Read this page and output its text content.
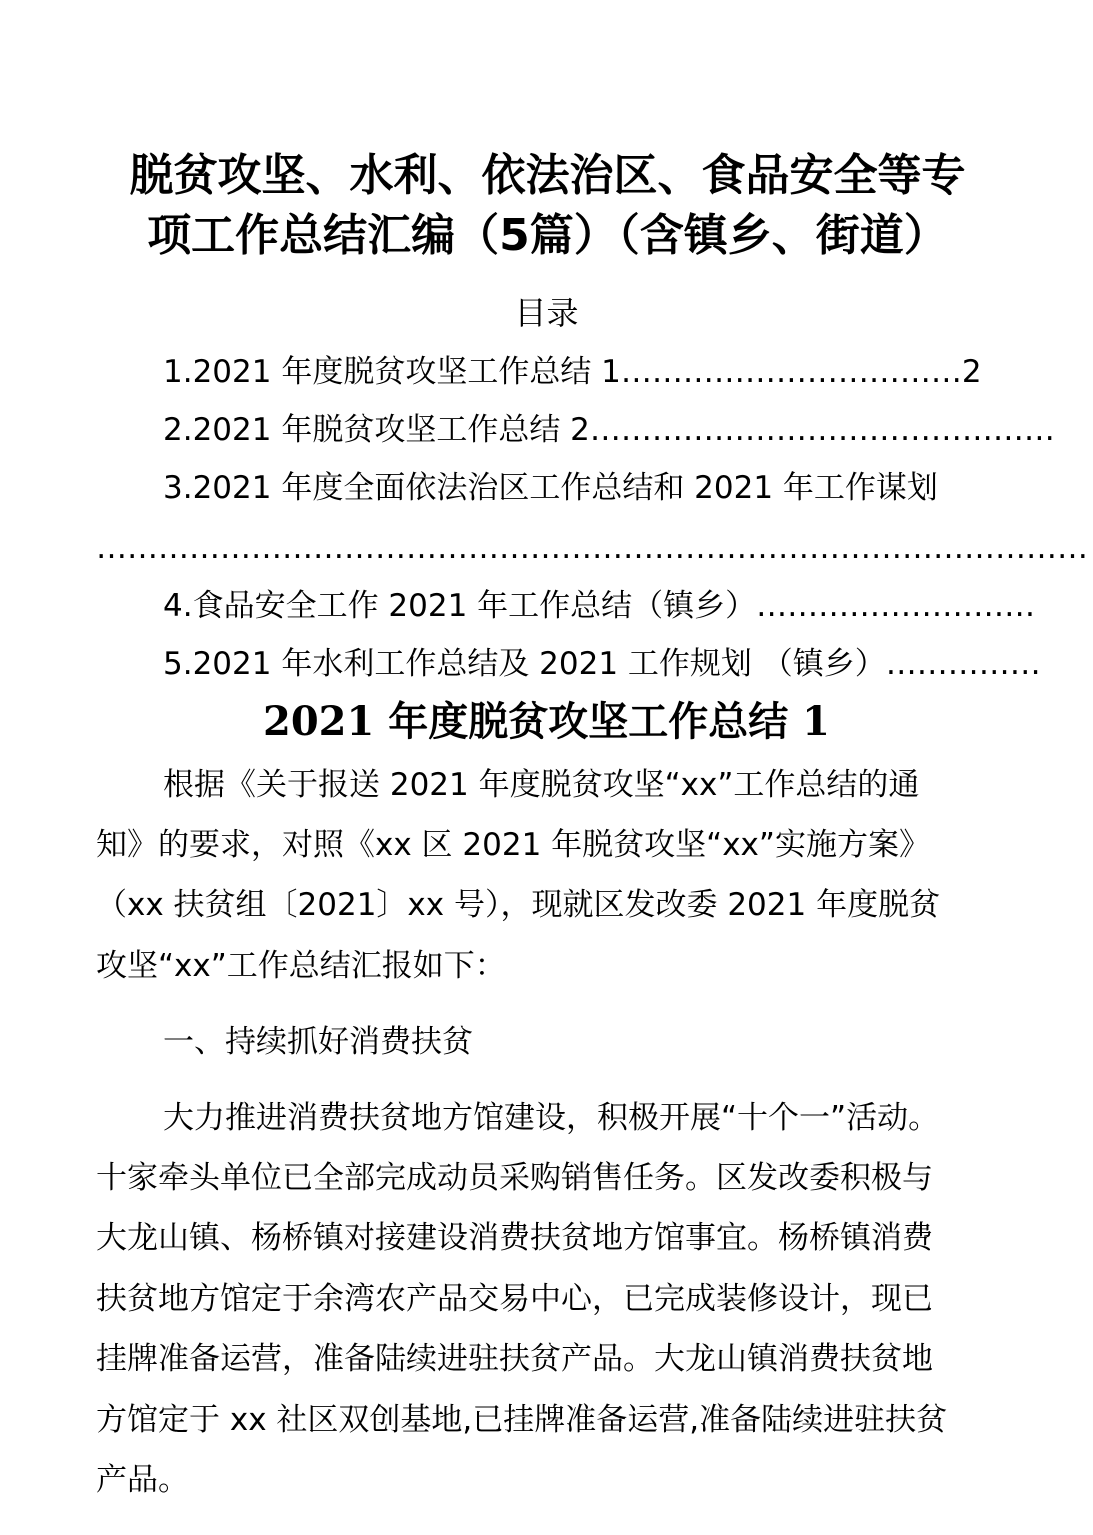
脱贫攻坚、水利、依法治区、食品安全等专
项工作总结汇编（5篇）（含镇乡、街道）
目录
1.2021 年度脱贫攻坚工作总结 1……………………………2
2.2021 年脱贫攻坚工作总结 2………………………………………
3.2021 年度全面依法治区工作总结和 2021 年工作谋划
……………………………………………………………………………………
4.食品安全工作 2021 年工作总结（镇乡）………………………
5.2021 年水利工作总结及 2021 工作规划 （镇乡）……………
2021 年度脱贫攻坚工作总结 1
根据《关于报送 2021 年度脱贫攻坚“xx”工作总结的通
知》的要求，对照《xx 区 2021 年脱贫攻坚“xx”实施方案》
（xx 扶贫组〔2021〕xx 号），现就区发改委 2021 年度脱贫
攻坚“xx”工作总结汇报如下：
一、持续抓好消费扶贫
大力推进消费扶贫地方馆建设，积极开展“十个一”活动。
十家牵头单位已全部完成动员采购销售任务。区发改委积极与
大龙山镇、杨桥镇对接建设消费扶贫地方馆事宜。杨桥镇消费
扶贫地方馆定于余湾农产品交易中心，已完成装修设计，现已
挂牌准备运营，准备陆续进驻扶贫产品。大龙山镇消费扶贫地
方馆定于 xx 社区双创基地,已挂牌准备运营,准备陆续进驻扶贫
产品。
